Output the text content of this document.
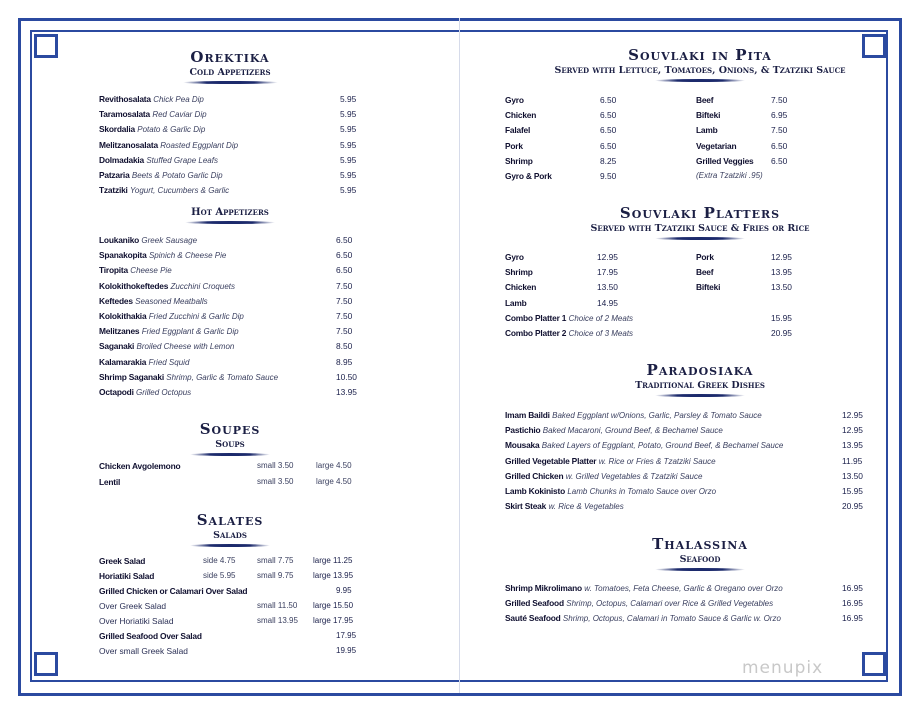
Orektika
Cold Appetizers
Revithosalata Chick Pea Dip	5.95
Taramosalata Red Caviar Dip	5.95
Skordalia Potato & Garlic Dip	5.95
Melitzanosalata Roasted Eggplant Dip	5.95
Dolmadakia Stuffed Grape Leafs	5.95
Patzaria Beets & Potato Garlic Dip	5.95
Tzatziki Yogurt, Cucumbers & Garlic	5.95
Hot Appetizers
Loukaniko Greek Sausage	6.50
Spanakopita Spinich & Cheese Pie	6.50
Tiropita Cheese Pie	6.50
Kolokithokeftedes Zucchini Croquets	7.50
Keftedes Seasoned Meatballs	7.50
Kolokithakia Fried Zucchini & Garlic Dip	7.50
Melitzanes Fried Eggplant & Garlic Dip	7.50
Saganaki Broiled Cheese with Lemon	8.50
Kalamarakia Fried Squid	8.95
Shrimp Saganaki Shrimp, Garlic & Tomato Sauce	10.50
Octapodi Grilled Octopus	13.95
Soupes
Soups
Chicken Avgolemono	small 3.50	large 4.50
Lentil	small 3.50	large 4.50
Salates
Salads
Greek Salad	side 4.75	small 7.75 large 11.25
Horiatiki Salad	side 5.95	small 9.75 large 13.95
Grilled Chicken or Calamari Over Salad	9.95
Over Greek Salad	small 11.50 large 15.50
Over Horiatiki Salad	small 13.95 large 17.95
Grilled Seafood Over Salad	17.95
Over small Greek Salad	19.95
Souvlaki in Pita
Served with Lettuce, Tomatoes, Onions, & Tzatziki Sauce
Gyro	6.50
Chicken	6.50
Falafel	6.50
Pork	6.50
Shrimp	8.25
Gyro & Pork	9.50
Beef	7.50
Bifteki	6.95
Lamb	7.50
Vegetarian	6.50
Grilled Veggies 6.50
(Extra Tzatziki .95)
Souvlaki Platters
Served with Tzatziki Sauce & Fries or Rice
Gyro	12.95
Shrimp	17.95
Chicken	13.50
Lamb	14.95
Pork	12.95
Beef	13.95
Bifteki	13.50
Combo Platter 1 Choice of 2 Meats	15.95
Combo Platter 2 Choice of 3 Meats	20.95
Paradosiaka
Traditional Greek Dishes
Imam Baildi Baked Eggplant w/Onions, Garlic, Parsley & Tomato Sauce	12.95
Pastichio Baked Macaroni, Ground Beef, & Bechamel Sauce	12.95
Mousaka Baked Layers of Eggplant, Potato, Ground Beef, & Bechamel Sauce	13.95
Grilled Vegetable Platter w. Rice or Fries & Tzatziki Sauce	11.95
Grilled Chicken w. Grilled Vegetables & Tzatziki Sauce	13.50
Lamb Kokinisto Lamb Chunks in Tomato Sauce over Orzo	15.95
Skirt Steak w. Rice & Vegetables	20.95
Thalassina
Seafood
Shrimp Mikrolimano w. Tomatoes, Feta Cheese, Garlic & Oregano over Orzo	16.95
Grilled Seafood Shrimp, Octopus, Calamari over Rice & Grilled Vegetables	16.95
Sauté Seafood Shrimp, Octopus, Calamari in Tomato Sauce & Garlic w. Orzo	16.95
menupix
